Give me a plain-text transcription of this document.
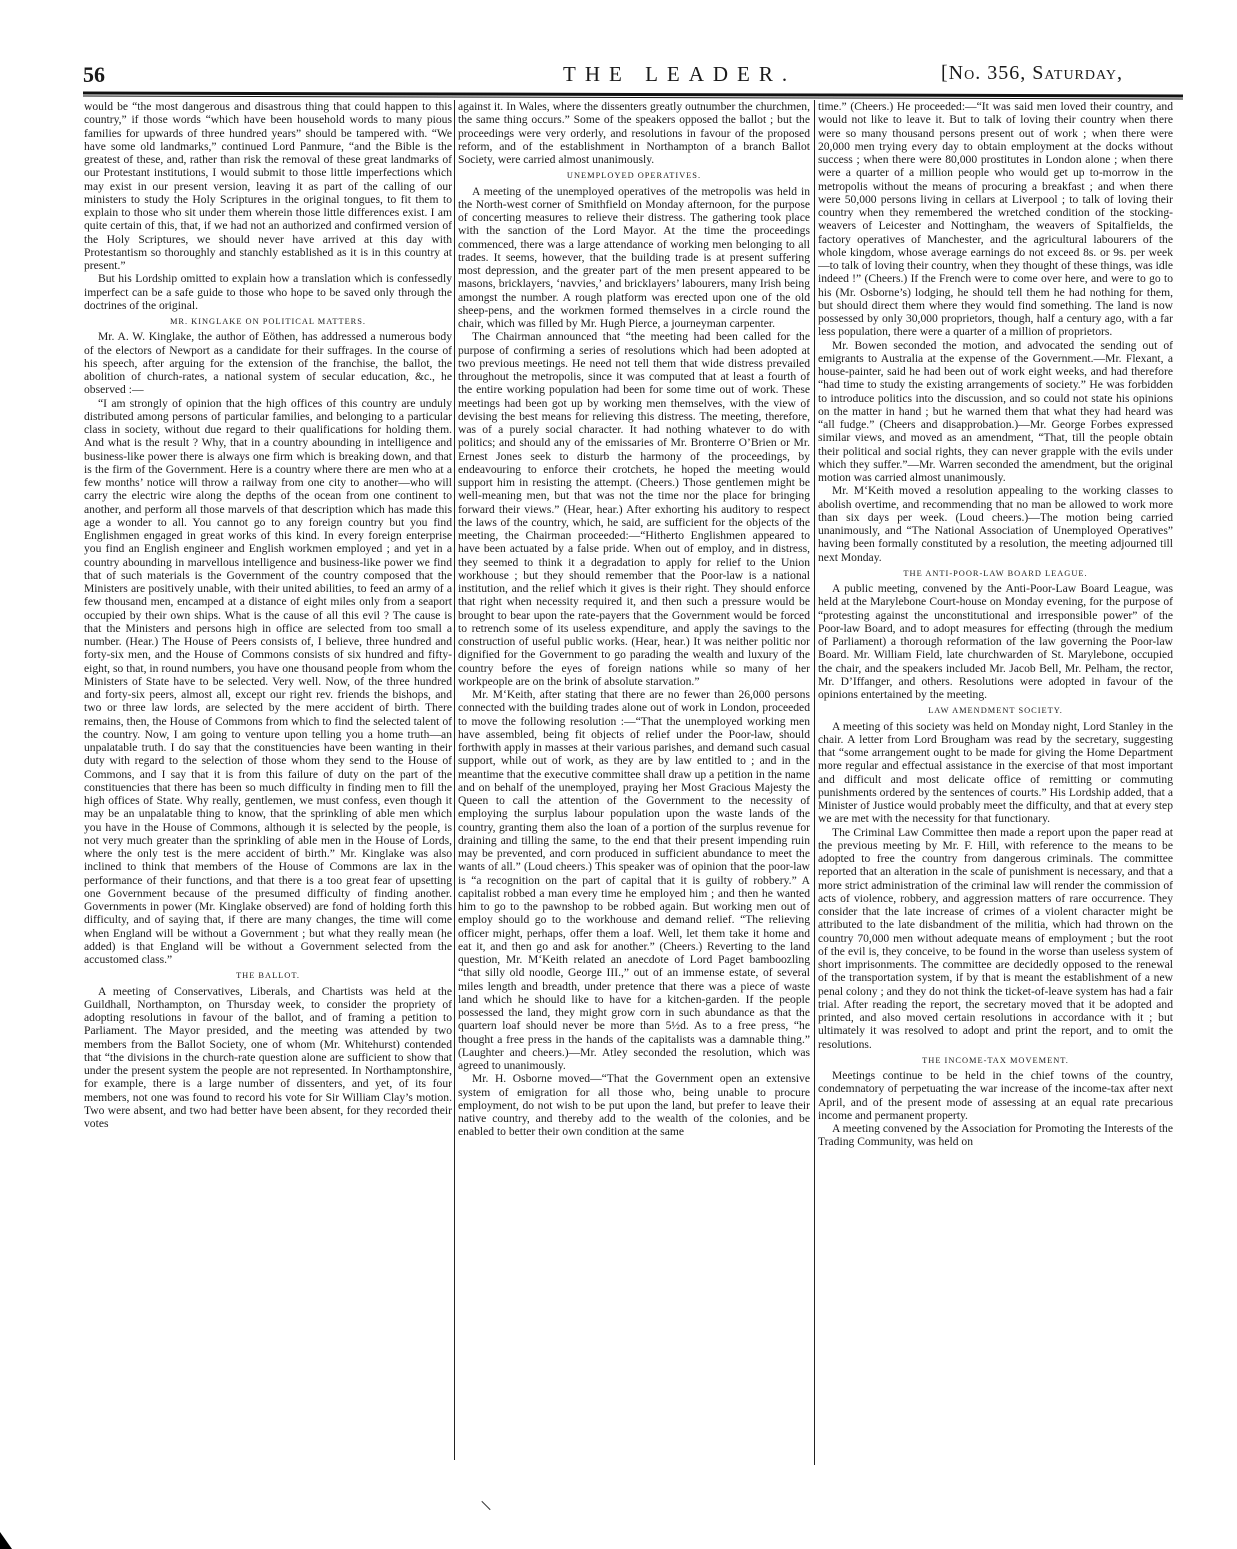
56	THE LEADER.	[No. 356, Saturday,

would be “the most dangerous and disastrous thing that could happen to this country,” if those words “which have been household words to many pious families for upwards of three hundred years” should be tampered with. “We have some old landmarks,” continued Lord Panmure, “and the Bible is the greatest of these, and, rather than risk the removal of these great landmarks of our Protestant institutions, I would submit to those little imperfections which may exist in our present version, leaving it as part of the calling of our ministers to study the Holy Scriptures in the original tongues, to fit them to explain to those who sit under them wherein those little differences exist. I am quite certain of this, that, if we had not an authorized and confirmed version of the Holy Scriptures, we should never have arrived at this day with Protestantism so thoroughly and stanchly established as it is in this country at present.”

But his Lordship omitted to explain how a translation which is confessedly imperfect can be a safe guide to those who hope to be saved only through the doctrines of the original.

MR. KINGLAKE ON POLITICAL MATTERS.

Mr. A. W. Kinglake, the author of Eöthen, has addressed a numerous body of the electors of Newport as a candidate for their suffrages. In the course of his speech, after arguing for the extension of the franchise, the ballot, the abolition of church-rates, a national system of secular education, &c., he observed :—

“I am strongly of opinion that the high offices of this country are unduly distributed among persons of particular families, and belonging to a particular class in society, without due regard to their qualifications for holding them. And what is the result ? Why, that in a country abounding in intelligence and business-like power there is always one firm which is breaking down, and that is the firm of the Government. Here is a country where there are men who at a few months’ notice will throw a railway from one city to another—who will carry the electric wire along the depths of the ocean from one continent to another, and perform all those marvels of that description which has made this age a wonder to all. You cannot go to any foreign country but you find Englishmen engaged in great works of this kind. In every foreign enterprise you find an English engineer and English workmen employed ; and yet in a country abounding in marvellous intelligence and business-like power we find that of such materials is the Government of the country composed that the Ministers are positively unable, with their united abilities, to feed an army of a few thousand men, encamped at a distance of eight miles only from a seaport occupied by their own ships. What is the cause of all this evil ? The cause is that the Ministers and persons high in office are selected from too small a number. (Hear.) The House of Peers consists of, I believe, three hundred and forty-six men, and the House of Commons consists of six hundred and fifty-eight, so that, in round numbers, you have one thousand people from whom the Ministers of State have to be selected. Very well. Now, of the three hundred and forty-six peers, almost all, except our right rev. friends the bishops, and two or three law lords, are selected by the mere accident of birth. There remains, then, the House of Commons from which to find the selected talent of the country. Now, I am going to venture upon telling you a home truth—an unpalatable truth. I do say that the constituencies have been wanting in their duty with regard to the selection of those whom they send to the House of Commons, and I say that it is from this failure of duty on the part of the constituencies that there has been so much difficulty in finding men to fill the high offices of State. Why really, gentlemen, we must confess, even though it may be an unpalatable thing to know, that the sprinkling of able men which you have in the House of Commons, although it is selected by the people, is not very much greater than the sprinkling of able men in the House of Lords, where the only test is the mere accident of birth.” Mr. Kinglake was also inclined to think that members of the House of Commons are lax in the performance of their functions, and that there is a too great fear of upsetting one Government because of the presumed difficulty of finding another. Governments in power (Mr. Kinglake observed) are fond of holding forth this difficulty, and of saying that, if there are many changes, the time will come when England will be without a Government ; but what they really mean (he added) is that England will be without a Government selected from the accustomed class.”

THE BALLOT.

A meeting of Conservatives, Liberals, and Chartists was held at the Guildhall, Northampton, on Thursday week, to consider the propriety of adopting resolutions in favour of the ballot, and of framing a petition to Parliament. The Mayor presided, and the meeting was attended by two members from the Ballot Society, one of whom (Mr. Whitehurst) contended that “the divisions in the church-rate question alone are sufficient to show that under the present system the people are not represented. In Northamptonshire, for example, there is a large number of dissenters, and yet, of its four members, not one was found to record his vote for Sir William Clay’s motion. Two were absent, and two had better have been absent, for they recorded their votes

against it. In Wales, where the dissenters greatly outnumber the churchmen, the same thing occurs.” Some of the speakers opposed the ballot ; but the proceedings were very orderly, and resolutions in favour of the proposed reform, and of the establishment in Northampton of a branch Ballot Society, were carried almost unanimously.

UNEMPLOYED OPERATIVES.

A meeting of the unemployed operatives of the metropolis was held in the North-west corner of Smithfield on Monday afternoon, for the purpose of concerting measures to relieve their distress. The gathering took place with the sanction of the Lord Mayor. At the time the proceedings commenced, there was a large attendance of working men belonging to all trades. It seems, however, that the building trade is at present suffering most depression, and the greater part of the men present appeared to be masons, bricklayers, ‘navvies,’ and bricklayers’ labourers, many Irish being amongst the number. A rough platform was erected upon one of the old sheep-pens, and the workmen formed themselves in a circle round the chair, which was filled by Mr. Hugh Pierce, a journeyman carpenter.

The Chairman announced that “the meeting had been called for the purpose of confirming a series of resolutions which had been adopted at two previous meetings. He need not tell them that wide distress prevailed throughout the metropolis, since it was computed that at least a fourth of the entire working population had been for some time out of work. These meetings had been got up by working men themselves, with the view of devising the best means for relieving this distress. The meeting, therefore, was of a purely social character. It had nothing whatever to do with politics; and should any of the emissaries of Mr. Bronterre O’Brien or Mr. Ernest Jones seek to disturb the harmony of the proceedings, by endeavouring to enforce their crotchets, he hoped the meeting would support him in resisting the attempt. (Cheers.) Those gentlemen might be well-meaning men, but that was not the time nor the place for bringing forward their views.” (Hear, hear.) After exhorting his auditory to respect the laws of the country, which, he said, are sufficient for the objects of the meeting, the Chairman proceeded:—“Hitherto Englishmen appeared to have been actuated by a false pride. When out of employ, and in distress, they seemed to think it a degradation to apply for relief to the Union workhouse ; but they should remember that the Poor-law is a national institution, and the relief which it gives is their right. They should enforce that right when necessity required it, and then such a pressure would be brought to bear upon the rate-payers that the Government would be forced to retrench some of its useless expenditure, and apply the savings to the construction of useful public works. (Hear, hear.) It was neither politic nor dignified for the Government to go parading the wealth and luxury of the country before the eyes of foreign nations while so many of her workpeople are on the brink of absolute starvation.”

Mr. M‘Keith, after stating that there are no fewer than 26,000 persons connected with the building trades alone out of work in London, proceeded to move the following resolution :—“That the unemployed working men have assembled, being fit objects of relief under the Poor-law, should forthwith apply in masses at their various parishes, and demand such casual support, while out of work, as they are by law entitled to ; and in the meantime that the executive committee shall draw up a petition in the name and on behalf of the unemployed, praying her Most Gracious Majesty the Queen to call the attention of the Government to the necessity of employing the surplus labour population upon the waste lands of the country, granting them also the loan of a portion of the surplus revenue for draining and tilling the same, to the end that their present impending ruin may be prevented, and corn produced in sufficient abundance to meet the wants of all.” (Loud cheers.) This speaker was of opinion that the poor-law is “a recognition on the part of capital that it is guilty of robbery.” A capitalist robbed a man every time he employed him ; and then he wanted him to go to the pawnshop to be robbed again. But working men out of employ should go to the workhouse and demand relief. “The relieving officer might, perhaps, offer them a loaf. Well, let them take it home and eat it, and then go and ask for another.” (Cheers.) Reverting to the land question, Mr. M‘Keith related an anecdote of Lord Paget bamboozling “that silly old noodle, George III.,” out of an immense estate, of several miles length and breadth, under pretence that there was a piece of waste land which he should like to have for a kitchen-garden. If the people possessed the land, they might grow corn in such abundance as that the quartern loaf should never be more than 5½d. As to a free press, “he thought a free press in the hands of the capitalists was a damnable thing.” (Laughter and cheers.)—Mr. Atley seconded the resolution, which was agreed to unanimously.

Mr. H. Osborne moved—“That the Government open an extensive system of emigration for all those who, being unable to procure employment, do not wish to be put upon the land, but prefer to leave their native country, and thereby add to the wealth of the colonies, and be enabled to better their own condition at the same

time.” (Cheers.) He proceeded:—“It was said men loved their country, and would not like to leave it. But to talk of loving their country when there were so many thousand persons present out of work ; when there were 20,000 men trying every day to obtain employment at the docks without success ; when there were 80,000 prostitutes in London alone ; when there were a quarter of a million people who would get up to-morrow in the metropolis without the means of procuring a breakfast ; and when there were 50,000 persons living in cellars at Liverpool ; to talk of loving their country when they remembered the wretched condition of the stocking-weavers of Leicester and Nottingham, the weavers of Spitalfields, the factory operatives of Manchester, and the agricultural labourers of the whole kingdom, whose average earnings do not exceed 8s. or 9s. per week—to talk of loving their country, when they thought of these things, was idle indeed !” (Cheers.) If the French were to come over here, and were to go to his (Mr. Osborne’s) lodging, he should tell them he had nothing for them, but should direct them where they would find something. The land is now possessed by only 30,000 proprietors, though, half a century ago, with a far less population, there were a quarter of a million of proprietors.

Mr. Bowen seconded the motion, and advocated the sending out of emigrants to Australia at the expense of the Government.—Mr. Flexant, a house-painter, said he had been out of work eight weeks, and had therefore “had time to study the existing arrangements of society.” He was forbidden to introduce politics into the discussion, and so could not state his opinions on the matter in hand ; but he warned them that what they had heard was “all fudge.” (Cheers and disapprobation.)—Mr. George Forbes expressed similar views, and moved as an amendment, “That, till the people obtain their political and social rights, they can never grapple with the evils under which they suffer.”—Mr. Warren seconded the amendment, but the original motion was carried almost unanimously.

Mr. M‘Keith moved a resolution appealing to the working classes to abolish overtime, and recommending that no man be allowed to work more than six days per week. (Loud cheers.)—The motion being carried unanimously, and “The National Association of Unemployed Operatives” having been formally constituted by a resolution, the meeting adjourned till next Monday.

THE ANTI-POOR-LAW BOARD LEAGUE.

A public meeting, convened by the Anti-Poor-Law Board League, was held at the Marylebone Court-house on Monday evening, for the purpose of “protesting against the unconstitutional and irresponsible power” of the Poor-law Board, and to adopt measures for effecting (through the medium of Parliament) a thorough reformation of the law governing the Poor-law Board. Mr. William Field, late churchwarden of St. Marylebone, occupied the chair, and the speakers included Mr. Jacob Bell, Mr. Pelham, the rector, Mr. D’Iffanger, and others. Resolutions were adopted in favour of the opinions entertained by the meeting.

LAW AMENDMENT SOCIETY.

A meeting of this society was held on Monday night, Lord Stanley in the chair. A letter from Lord Brougham was read by the secretary, suggesting that “some arrangement ought to be made for giving the Home Department more regular and effectual assistance in the exercise of that most important and difficult and most delicate office of remitting or commuting punishments ordered by the sentences of courts.” His Lordship added, that a Minister of Justice would probably meet the difficulty, and that at every step we are met with the necessity for that functionary.

The Criminal Law Committee then made a report upon the paper read at the previous meeting by Mr. F. Hill, with reference to the means to be adopted to free the country from dangerous criminals. The committee reported that an alteration in the scale of punishment is necessary, and that a more strict administration of the criminal law will render the commission of acts of violence, robbery, and aggression matters of rare occurrence. They consider that the late increase of crimes of a violent character might be attributed to the late disbandment of the militia, which had thrown on the country 70,000 men without adequate means of employment ; but the root of the evil is, they conceive, to be found in the worse than useless system of short imprisonments. The committee are decidedly opposed to the renewal of the transportation system, if by that is meant the establishment of a new penal colony ; and they do not think the ticket-of-leave system has had a fair trial. After reading the report, the secretary moved that it be adopted and printed, and also moved certain resolutions in accordance with it ; but ultimately it was resolved to adopt and print the report, and to omit the resolutions.

THE INCOME-TAX MOVEMENT.

Meetings continue to be held in the chief towns of the country, condemnatory of perpetuating the war increase of the income-tax after next April, and of the present mode of assessing at an equal rate precarious income and permanent property.

A meeting convened by the Association for Promoting the Interests of the Trading Community, was held on
